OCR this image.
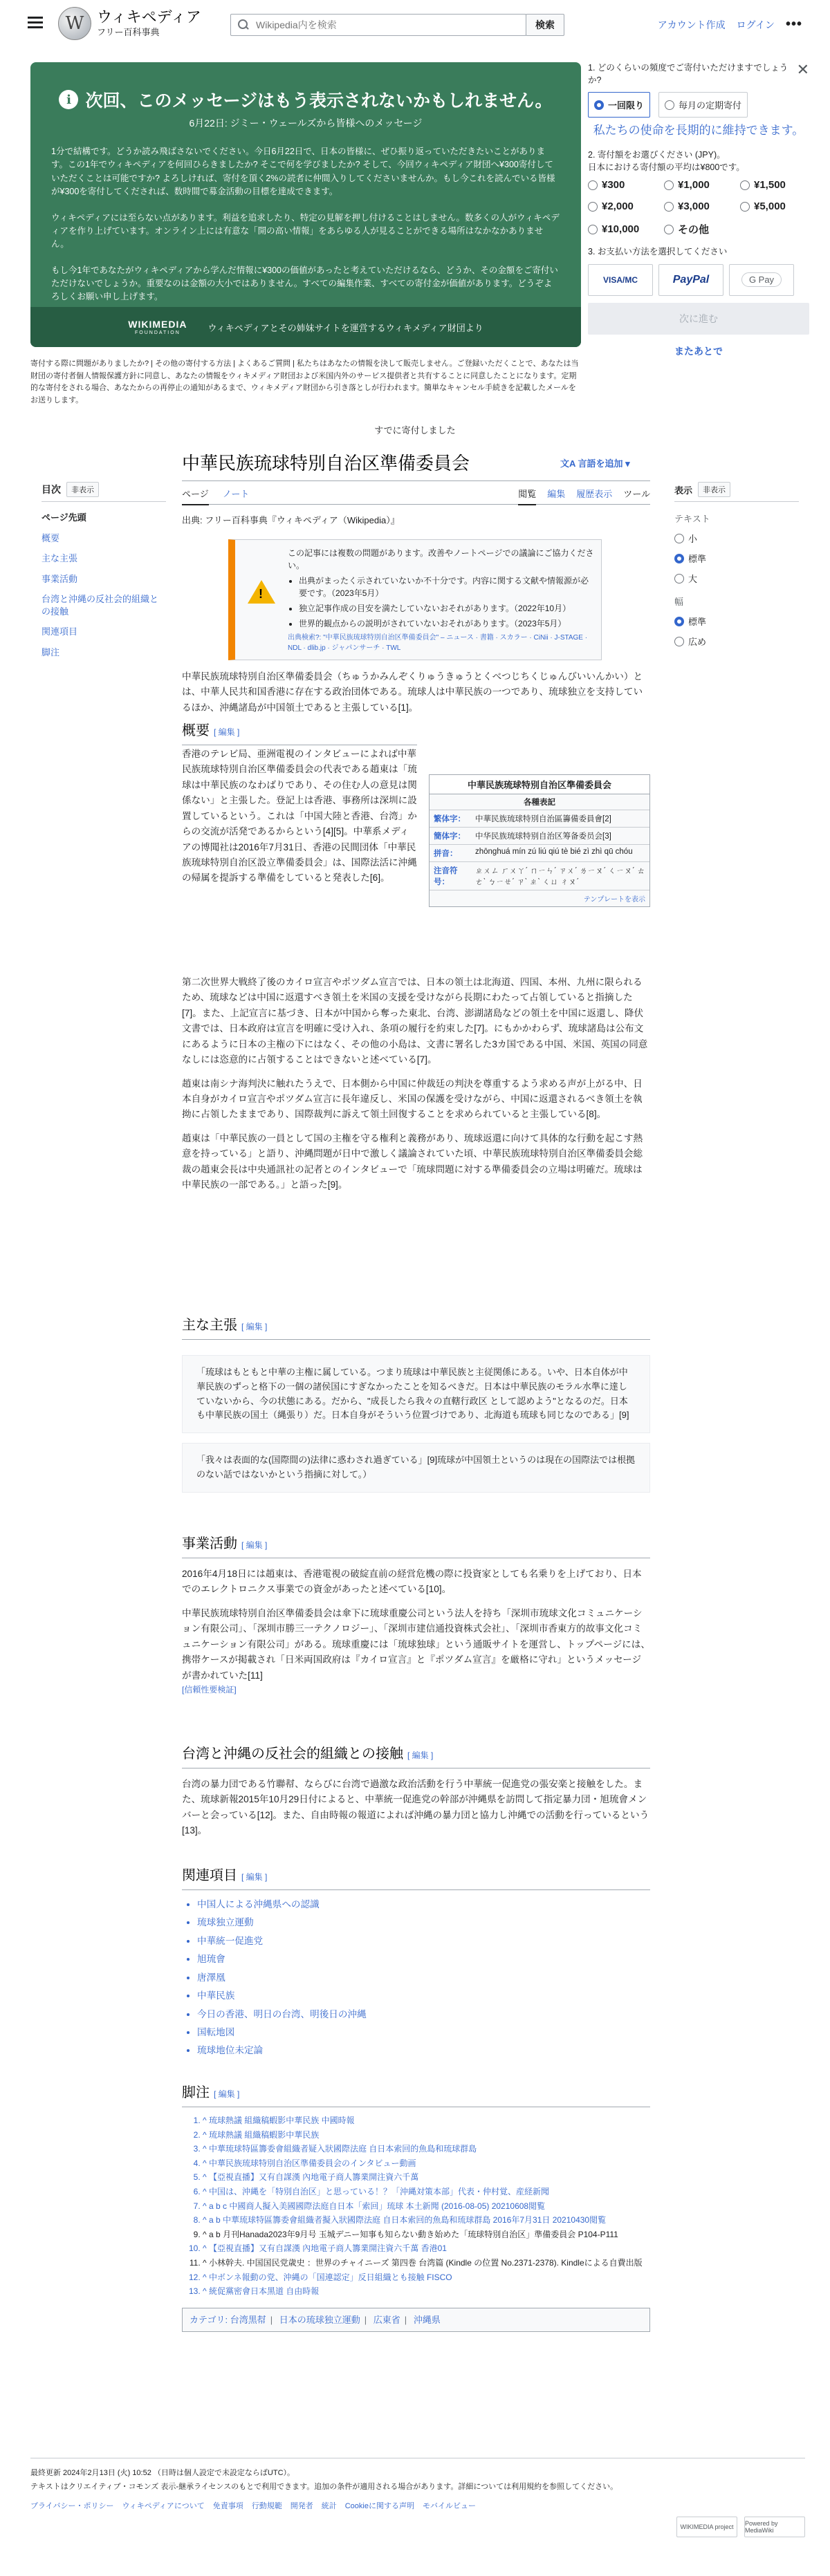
W ウィキペディア
フリー百科事典
Wikipedia内を検索
検索	アカウント作成 ログイン •••
i 次回、このメッセージはもう表示されないかもしれません。
6月22日: ジミー・ウェールズから皆様へのメッセージ

1分で結構です。どうか読み飛ばさないでください。今日6月22日で、日本の皆様に、ぜひ振り返っていただきたいことがあります。この1年でウィキペディアを何回ひらきましたか? そこで何を学びましたか? そして、今回ウィキペディア財団へ¥300寄付していただくことは可能ですか? よろしければ、寄付を頂く2%の読者に仲間入りしてくださいませんか。もし今これを読んでいる皆様が¥300を寄付してくだされば、数時間で募金活動の目標を達成できます。

ウィキペディアには至らない点があります。利益を追求したり、特定の見解を押し付けることはしません。数多くの人がウィキペディアを作り上げています。オンライン上には有意な「開の高い情報」をあらゆる人が見ることができる場所はなかなかありません。

もし今1年であなたがウィキペディアから学んだ情報に¥300の価値があったと考えていただけるなら、どうか、その金額をご寄付いただけないでしょうか。重要なのは金額の大小ではありません。すべての編集作業、すべての寄付金が価値があります。どうぞよろしくお願い申し上げます。

WIKIMEDIA
FOUNDATION	ウィキペディアとその姉妹サイトを運営するウィキメディア財団より
寄付する際に問題がありましたか? | その他の寄付する方法 | よくあるご質問 | 私たちはあなたの情報を決して販売しません。ご登録いただくことで、あなたは当財団の寄付者個人情報保護方針に同意し、あなたの情報をウィキメディア財団および米国内外のサービス提供者と共有することに同意したことになります。定期的な寄付をされる場合、あなたからの再停止の通知があるまで、ウィキメディア財団から引き落としが行われます。簡単なキャンセル手続きを記載したメールをお送りします。
✕
1. どのくらいの頻度でご寄付いただけますでしょうか?
一回限り	毎月の定期寄付
私たちの使命を長期的に維持できます。
2. 寄付額をお選びください (JPY)。
日本における寄付額の平均は¥800です。
¥300	¥1,000	¥1,500
¥2,000	¥3,000	¥5,000
¥10,000	その他
3. お支払い方法を選択してください
VISA/MC	PayPal	G Pay
次に進む
またあとで
すでに寄付しました
目次	非表示
ページ先頭
概要
主な主張
事業活動
台湾と沖縄の反社会的組織との接触
関連項目
脚注
中華民族琉球特別自治区準備委員会	文A 言語を追加 ▾
ページ ノート	閲覧 編集 履歴表示 ツール
出典: フリー百科事典『ウィキペディア（Wikipedia）』
!
この記事には複数の問題があります。改善やノートページでの議論にご協力ください。
• 出典がまったく示されていないか不十分です。内容に関する文献や情報源が必要です。（2023年5月）
• 独立記事作成の目安を満たしていないおそれがあります。（2022年10月）
• 世界的観点からの説明がされていないおそれがあります。（2023年5月）
出典検索?: "中華民族琉球特別自治区準備委員会" – ニュース · 書籍 · スカラー · CiNii · J-STAGE · NDL · dlib.jp · ジャパンサーチ · TWL

中華民族琉球特別自治区準備委員会（ちゅうかみんぞくりゅうきゅうとくべつじちくじゅんびいいんかい）とは、中華人民共和国香港に存在する政治団体である。琉球人は中華民族の一つであり、琉球独立を支持しているほか、沖縄諸島が中国領土であると主張している[1]。

中華民族琉球特別自治区準備委員会
各種表記
繁体字：	中華民族琉球特別自治區籌備委員會[2]
簡体字：	中华民族琉球特别自治区筹备委员会[3]
拼音：	zhōnghuá mín zú liú qiú tè bié zì zhì qū chóu
注音符号：	ㄓㄨㄥ ㄏㄨㄚˊ ㄇㄧㄣˊ ㄗㄨˊ ㄌㄧㄡˊ ㄑㄧㄡˊ ㄊㄜˋ ㄅㄧㄝˊ ㄗˋ ㄓˋ ㄑㄩ ㄔㄡˊ
テンプレートを表示
概要 [ 編集 ]

香港のテレビ局、亜洲電視のインタビューによれば中華民族琉球特別自治区準備委員会の代表である趙東は「琉球は中華民族のなわばりであり、その住む人の意見は関係ない」と主張した。登記上は香港、事務所は深圳に設置しているという。これは「中国大陸と香港、台湾」からの交流が活発であるからという[4][5]。中華系メディアの博聞社は2016年7月31日、香港の民間団体「中華民族琉球特別自治区設立準備委員会」は、国際法活に沖縄の帰属を提訴する準備をしていると発表した[6]。

第二次世界大戦終了後のカイロ宣言やポツダム宣言では、日本の領土は北海道、四国、本州、九州に限られるため、琉球などは中国に返還すべき領土を米国の支援を受けながら長期にわたって占領していると指摘した[7]。また、上記宣言に基づき、日本が中国から奪った東北、台湾、澎湖諸島などの領土を中国に返還し、降伏文書では、日本政府は宣言を明確に受け入れ、条項の履行を約束した[7]。にもかかわらず、琉球諸島は公布文にあるように日本の主権の下にはなく、その他の小島は、文書に署名した3カ国である中国、米国、英国の同意なしには恣意的に占領することはできないと述べている[7]。

趙東は南シナ海判決に触れたうえで、日本側から中国に仲裁廷の判決を尊重するよう求める声が上がる中、日本自身がカイロ宣言やポツダム宣言に長年違反し、米国の保護を受けながら、中国に返還されるべき領土を執拗に占領したままであり、国際裁判に訴えて領土回復することを求められていると主張している[8]。

趙東は「中華民族の一員として国の主権を守る権利と義務があり、琉球返還に向けて具体的な行動を起こす熱意を持っている」と語り、沖縄問題が日中で激しく議論されていた頃、中華民族琉球特別自治区準備委員会総裁の趙東会長は中央通訊社の記者とのインタビューで「琉球問題に対する準備委員会の立場は明確だ。琉球は中華民族の一部である。」と語った[9]。

主な主張 [ 編集 ]
「琉球はもともと中華の主権に属している。つまり琉球は中華民族と主従関係にある。いや、日本自体が中華民族のずっと格下の一個の諸侯国にすぎなかったことを知るべきだ。日本は中華民族のモラル水準に達していないから、今の状態にある。だから、"成長したら我々の直轄行政区 として認めよう"となるのだ。日本も中華民族の国土（縄張り）だ。日本自身がそういう位置づけであり、北海道も琉球も同じなのである」[9]
「我々は表面的な(国際間の)法律に惑わされ過ぎている」[9]琉球が中国領土というのは現在の国際法では根拠のない話ではないかという指摘に対して。）
事業活動 [ 編集 ]

2016年4月18日には趙東は、香港電視の破綻直前の経営危機の際に投資家としても名乗りを上げており、日本でのエレクトロニクス事業での資金があったと述べている[10]。

中華民族琉球特別自治区準備委員会は傘下に琉球重慶公司という法人を持ち「深圳市琉球文化コミュニケーション有限公司」、「深圳市勝三一テクノロジー」、「深圳市建信通投資株式会社」、「深圳市香東方的故事文化コミュニケーション有限公司」がある。琉球重慶には「琉球独球」という通販サイトを運営し、トップページには、携帯ケースが掲載され「日米両国政府は『カイロ宣言』と『ポツダム宣言』を厳格に守れ」というメッセージが書かれていた[11]

[信頼性要検証]

台湾と沖縄の反社会的組織との接触 [ 編集 ]

台湾の暴力団である竹聯幇、ならびに台湾で過激な政治活動を行う中華統一促進党の張安楽と接触をした。また、琉球新報2015年10月29日付によると、中華統一促進党の幹部が沖縄県を訪問して指定暴力団・旭琉會メンバーと会っている[12]。また、自由時報の報道によれば沖縄の暴力団と協力し沖縄での活動を行っているという[13]。

関連項目 [ 編集 ]
• 中国人による沖縄県への認識
• 琉球独立運動
• 中華統一促進党
• 旭琉會
• 唐澤凰
• 中華民族
• 今日の香港、明日の台湾、明後日の沖縄
• 国転地図
• 琉球地位未定論
脚注 [ 編集 ]
1. ^ 琉球熱議 組織稿蝦影中華民族 中國時報
2. ^ 琉球熱議 組織稿蝦影中華民族
3. ^ 中華琉球特區籌委會組織者疑入狀國際法庭 自日本索回的魚島和琉球群島
4. ^ 中華民族琉球特別自治区準備委員会のインタビュー動画
5. ^ 【亞視直播】又有自謀漢 內地電子商人籌業開注資六千萬
6. ^ 中国は、沖縄を「特別自治区」と思っている！？「沖縄対策本部」代表・仲村覚、産経新聞
7. ^ a b c 中國商人擬入美國國際法庭自日本「索回」琉球 本土新聞 (2016-08-05) 20210608閲覧
8. ^ a b 中華琉球特區籌委會組織者擬入狀國際法庭 自日本索回的魚島和琉球群島 2016年7月31日 20210430閲覧
9. ^ a b 月刊Hanada2023年9月号 玉城デニー知事も知らない動き始めた「琉球特別自治区」準備委員会 P104-P111
10. ^ 【亞視直播】又有自謀漢 內地電子商人籌業開注資六千萬 香港01
11. ^ 小林幹夫. 中国国民党歳史 ：世界のチャイニーズ 第四巻 台湾篇 (Kindle の位置 No.2371-2378). Kindleによる自費出版
12. ^ 中ボンネ報動の党、沖縄の「国連認定」反日組織とも接触 FISCO
13. ^ 統促黨密會日本黑道 自由時報
カテゴリ: 台湾黒幇 | 日本の琉球独立運動 | 広東省 | 沖縄県
表示	非表示
テキスト
小
標準
大
幅
標準
広め
最終更新 2024年2月13日 (火) 10:52 （日時は個人設定で未設定ならばUTC）。
テキストはクリエイティブ・コモンズ 表示-継承ライセンスのもとで利用できます。追加の条件が適用される場合があります。詳細については利用規約を参照してください。
プライバシー・ポリシー ウィキペディアについて 免責事項 行動規範 開発者 統計 Cookieに関する声明 モバイルビュー
WIKIMEDIA project	Powered by MediaWiki
